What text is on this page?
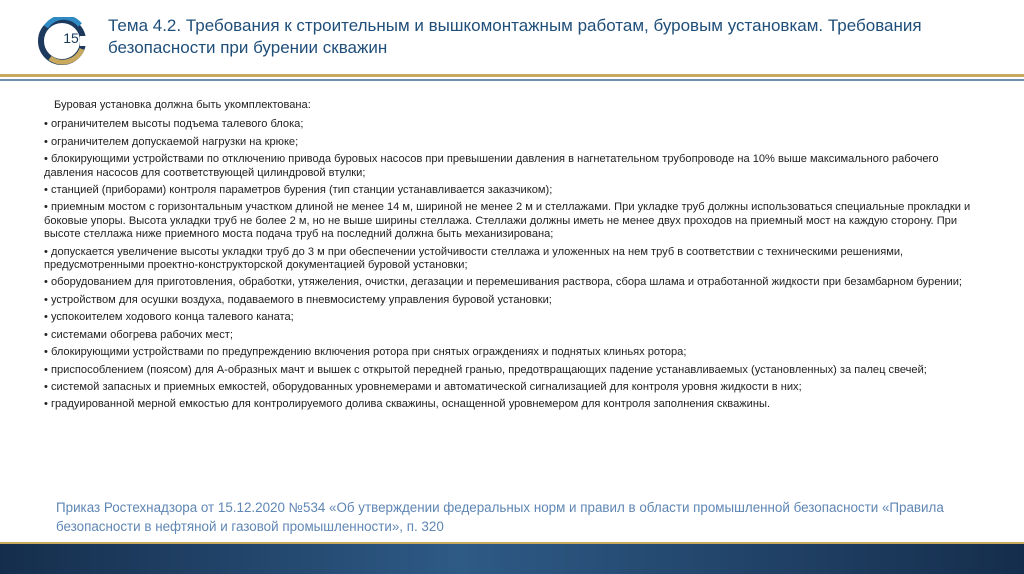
15
Тема 4.2. Требования к строительным и вышкомонтажным работам, буровым установкам. Требования безопасности при бурении скважин

Буровая установка должна быть укомплектована:

• ограничителем высоты подъема талевого блока;

• ограничителем допускаемой нагрузки на крюке;

• блокирующими устройствами по отключению привода буровых насосов при превышении давления в нагнетательном трубопроводе на 10% выше максимального рабочего давления насосов для соответствующей цилиндровой втулки;

• станцией (приборами) контроля параметров бурения (тип станции устанавливается заказчиком);

• приемным мостом с горизонтальным участком длиной не менее 14 м, шириной не менее 2 м и стеллажами. При укладке труб должны использоваться специальные прокладки и боковые упоры. Высота укладки труб не более 2 м, но не выше ширины стеллажа. Стеллажи должны иметь не менее двух проходов на приемный мост на каждую сторону. При высоте стеллажа ниже приемного моста подача труб на последний должна быть механизирована;

• допускается увеличение высоты укладки труб до 3 м при обеспечении устойчивости стеллажа и уложенных на нем труб в соответствии с техническими решениями, предусмотренными проектно-конструкторской документацией буровой установки;

• оборудованием для приготовления, обработки, утяжеления, очистки, дегазации и перемешивания раствора, сбора шлама и отработанной жидкости при безамбарном бурении;

• устройством для осушки воздуха, подаваемого в пневмосистему управления буровой установки;

• успокоителем ходового конца талевого каната;

• системами обогрева рабочих мест;

• блокирующими устройствами по предупреждению включения ротора при снятых ограждениях и поднятых клиньях ротора;

• приспособлением (поясом) для А-образных мачт и вышек с открытой передней гранью, предотвращающих падение устанавливаемых (установленных) за палец свечей;

• системой запасных и приемных емкостей, оборудованных уровнемерами и автоматической сигнализацией для контроля уровня жидкости в них;

• градуированной мерной емкостью для контролируемого долива скважины, оснащенной уровнемером для контроля заполнения скважины.

Приказ Ростехнадзора от 15.12.2020 №534 «Об утверждении федеральных норм и правил в области промышленной безопасности «Правила безопасности в нефтяной и газовой промышленности», п. 320
